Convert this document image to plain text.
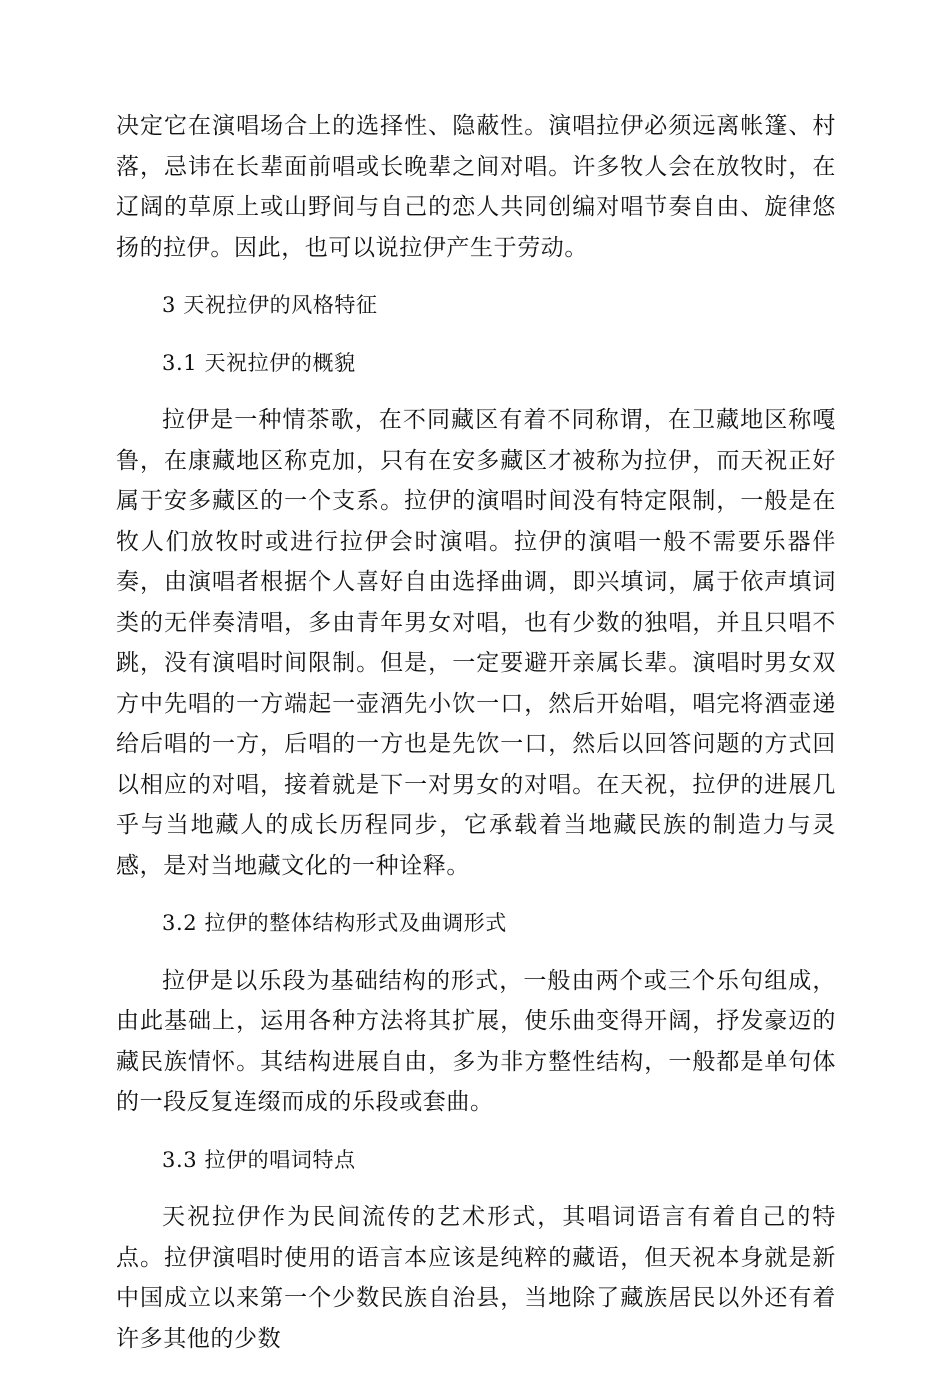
决定它在演唱场合上的选择性、隐蔽性。演唱拉伊必须远离帐篷、村落，忌讳在长辈面前唱或长晚辈之间对唱。许多牧人会在放牧时，在辽阔的草原上或山野间与自己的恋人共同创编对唱节奏自由、旋律悠扬的拉伊。因此，也可以说拉伊产生于劳动。

3 天祝拉伊的风格特征
3.1 天祝拉伊的概貌

拉伊是一种情茶歌，在不同藏区有着不同称谓，在卫藏地区称嘎鲁，在康藏地区称克加，只有在安多藏区才被称为拉伊，而天祝正好属于安多藏区的一个支系。拉伊的演唱时间没有特定限制，一般是在牧人们放牧时或进行拉伊会时演唱。拉伊的演唱一般不需要乐器伴奏，由演唱者根据个人喜好自由选择曲调，即兴填词，属于依声填词类的无伴奏清唱，多由青年男女对唱，也有少数的独唱，并且只唱不跳，没有演唱时间限制。但是，一定要避开亲属长辈。演唱时男女双方中先唱的一方端起一壶酒先小饮一口，然后开始唱，唱完将酒壶递给后唱的一方，后唱的一方也是先饮一口，然后以回答问题的方式回以相应的对唱，接着就是下一对男女的对唱。在天祝，拉伊的进展几乎与当地藏人的成长历程同步，它承载着当地藏民族的制造力与灵感，是对当地藏文化的一种诠释。

3.2 拉伊的整体结构形式及曲调形式

拉伊是以乐段为基础结构的形式，一般由两个或三个乐句组成，由此基础上，运用各种方法将其扩展，使乐曲变得开阔，抒发豪迈的藏民族情怀。其结构进展自由，多为非方整性结构，一般都是单句体的一段反复连缀而成的乐段或套曲。

3.3 拉伊的唱词特点

天祝拉伊作为民间流传的艺术形式，其唱词语言有着自己的特点。拉伊演唱时使用的语言本应该是纯粹的藏语，但天祝本身就是新中国成立以来第一个少数民族自治县，当地除了藏族居民以外还有着许多其他的少数
